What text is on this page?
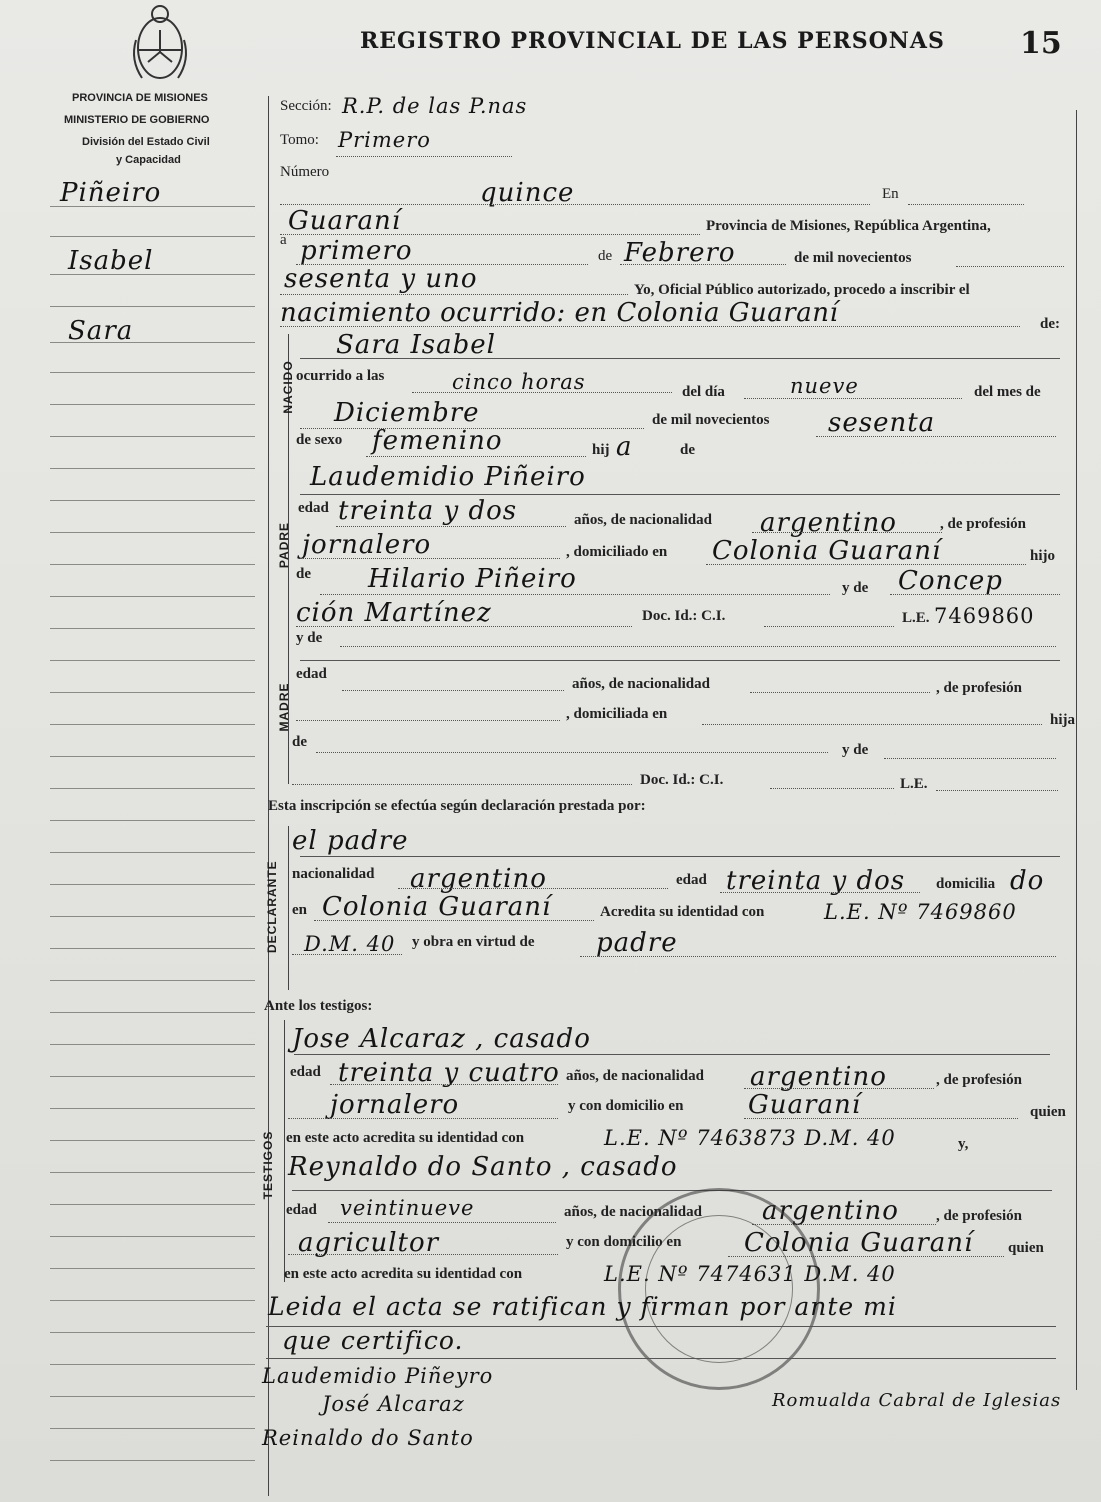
REGISTRO PROVINCIAL DE LAS PERSONAS	15
PROVINCIA DE MISIONES
MINISTERIO DE GOBIERNO
División del Estado Civil
y Capacidad
Piñeiro
Isabel
Sara
Sección: R.P. de las P.nas
Tomo: Primero
Número
quince	En
Guaraní	Provincia de Misiones, República Argentina,
a primero	de Febrero	de mil novecientos
sesenta y uno	Yo, Oficial Público autorizado, procedo a inscribir el
nacimiento ocurrido: en Colonia Guaraní	de:
NACIDO
Sara Isabel
ocurrido a las	cinco horas	del día	nueve	del mes de
Diciembre	de mil novecientos sesenta
de sexo femenino	hij a	de
PADRE
Laudemidio Piñeiro
edad treinta y dos	años, de nacionalidad argentino	, de profesión
jornalero	, domiciliado en Colonia Guaraní	hijo
de Hilario Piñeiro	y de Concep
ción Martínez	Doc. Id.: C.I.	L.E. 7469860
MADRE
y de
edad
años, de nacionalidad	, de profesión
, domiciliada en	hija
de	y de
Doc. Id.: C.I.	L.E.
Esta inscripción se efectúa según declaración prestada por:
DECLARANTE
el padre
nacionalidad argentino	edad treinta y dos domicilia do
en Colonia Guaraní	Acredita su identidad con	L.E. Nº 7469860
D.M. 40 y obra en virtud de padre
Ante los testigos:
TESTIGOS
Jose Alcaraz , casado
edad treinta y cuatro años, de nacionalidad argentino	, de profesión
jornalero	y con domicilio en Guaraní	quien
en este acto acredita su identidad con	L.E. Nº 7463873 D.M. 40	y,
Reynaldo do Santo , casado
edad veintinueve	años, de nacionalidad argentino , de profesión
agricultor	y con domicilio en Colonia Guaraní quien
en este acto acredita su identidad con	L.E. Nº 7474631 D.M. 40
Leida el acta se ratifican y firman por ante mi
que certifico.
Laudemidio Piñeyro
José Alcaraz
Reinaldo do Santo
Romualda Cabral de Iglesias
